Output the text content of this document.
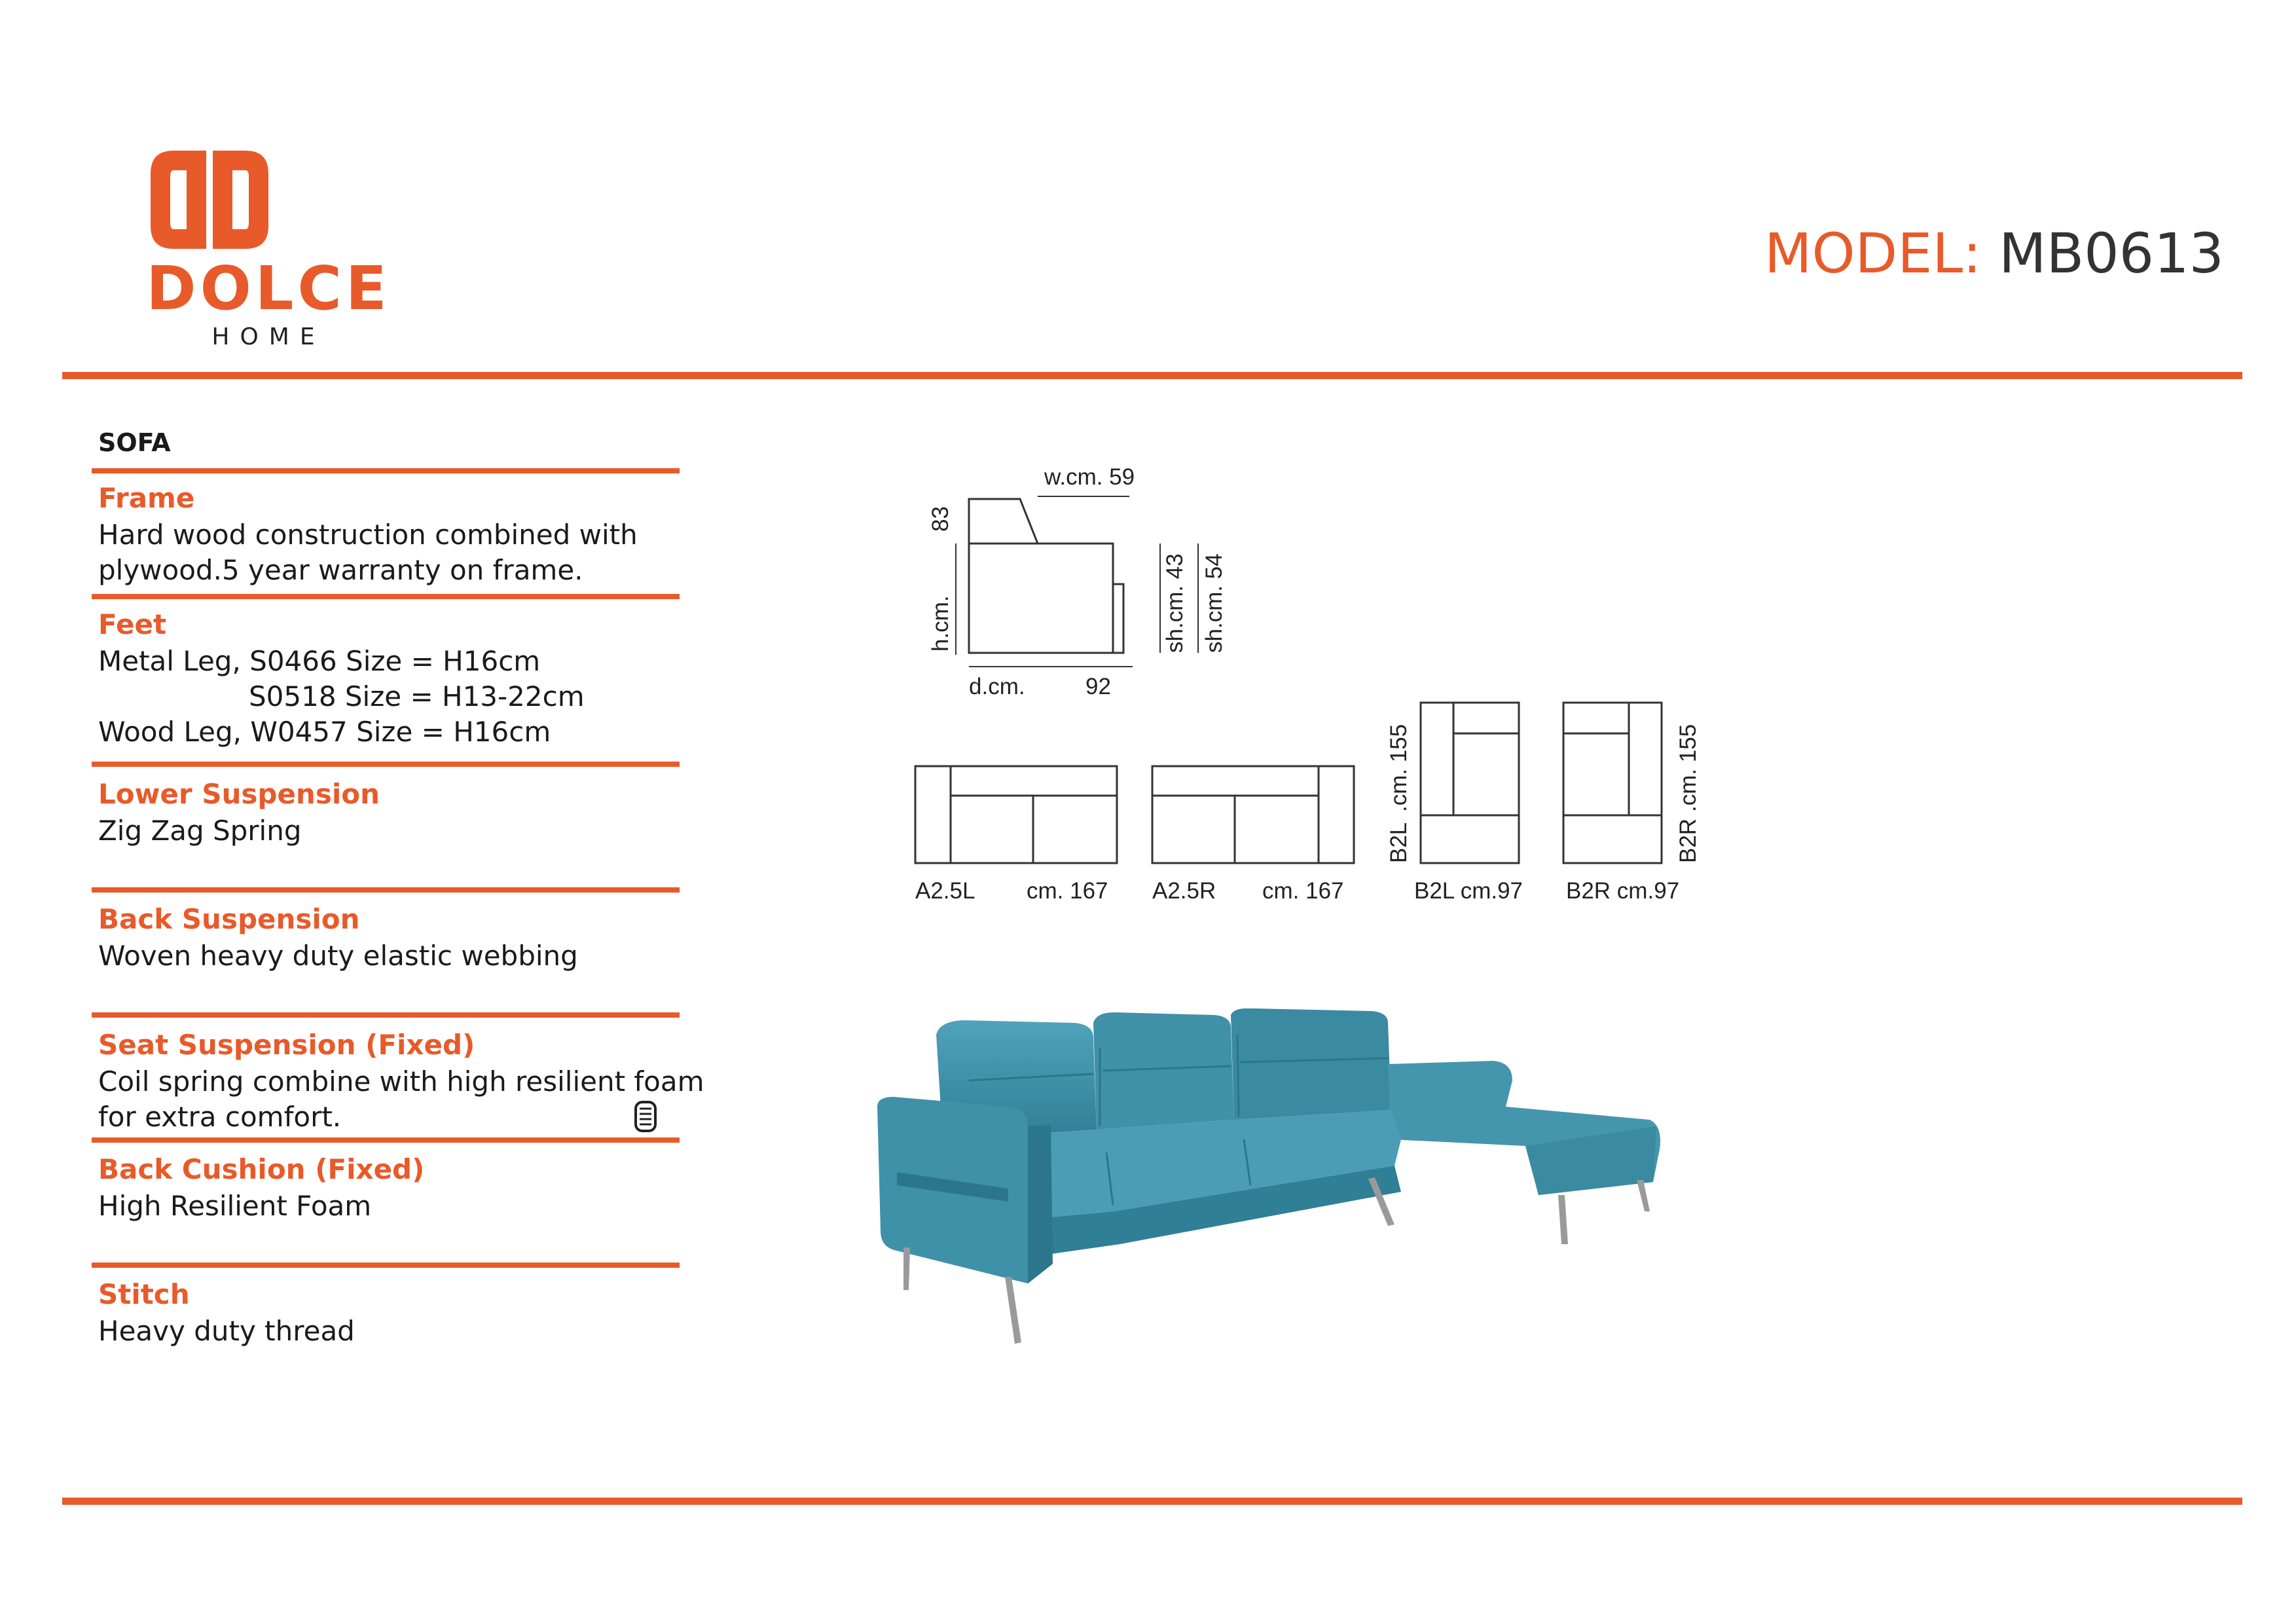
DOLCE
HOME
MODEL: MB0613
SOFA
Frame
Hard wood construction combined with
plywood.5 year warranty on frame.
Feet
Metal Leg, S0466 Size = H16cm
S0518 Size = H13-22cm
Wood Leg, W0457 Size = H16cm
Lower Suspension
Zig Zag Spring
Back Suspension
Woven heavy duty elastic webbing
Seat Suspension (Fixed)
Coil spring combine with high resilient foam
for extra comfort.
Back Cushion (Fixed)
High Resilient Foam
Stitch
Heavy duty thread
w.cm. 59
83
h.cm.	sh.cm. 43 sh.cm. 54
d.cm.	92
A2.5L cm. 167 A2.5R cm. 167
B2L
.cm. 155
B2L cm.97
B2R
.cm. 155
B2R cm.97
